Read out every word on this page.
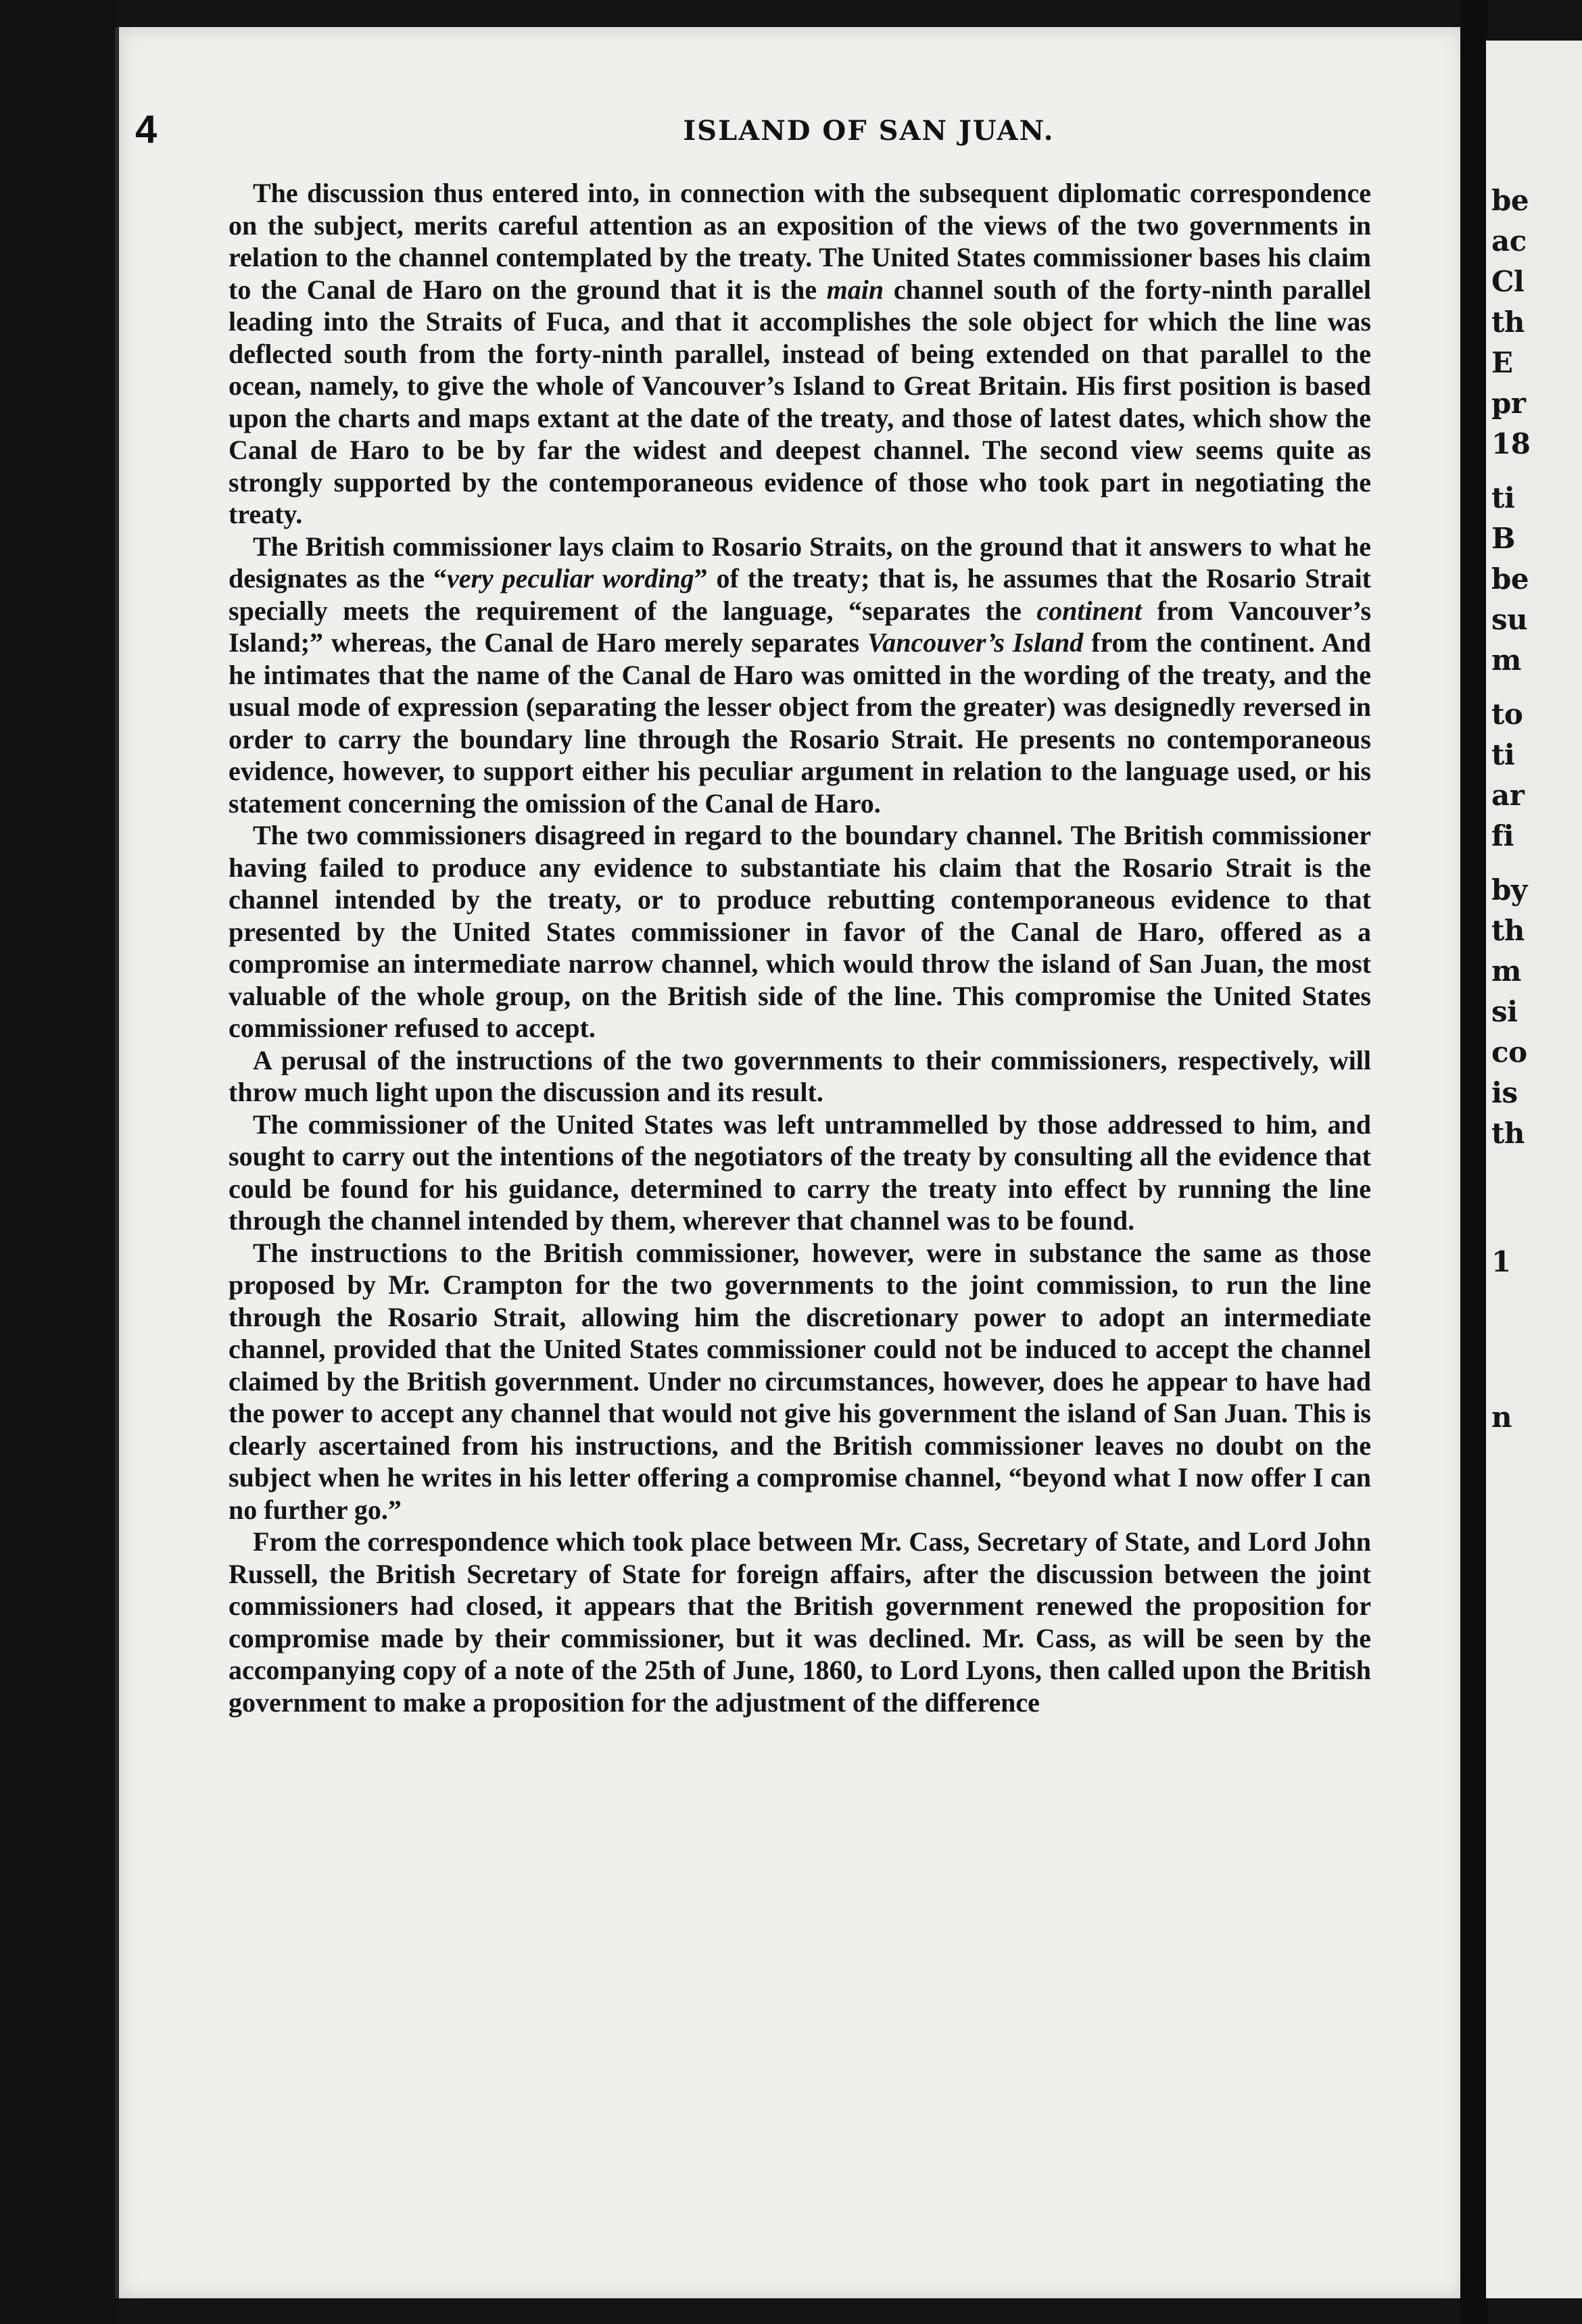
4	ISLAND OF SAN JUAN.

The discussion thus entered into, in connection with the subsequent diplomatic correspondence on the subject, merits careful attention as an exposition of the views of the two governments in relation to the channel contemplated by the treaty. The United States commissioner bases his claim to the Canal de Haro on the ground that it is the main channel south of the forty-ninth parallel leading into the Straits of Fuca, and that it accomplishes the sole object for which the line was deflected south from the forty-ninth parallel, instead of being extended on that parallel to the ocean, namely, to give the whole of Vancouver’s Island to Great Britain. His first position is based upon the charts and maps extant at the date of the treaty, and those of latest dates, which show the Canal de Haro to be by far the widest and deepest channel. The second view seems quite as strongly supported by the contemporaneous evidence of those who took part in negotiating the treaty.

The British commissioner lays claim to Rosario Straits, on the ground that it answers to what he designates as the “very peculiar wording” of the treaty; that is, he assumes that the Rosario Strait specially meets the requirement of the language, “separates the continent from Vancouver’s Island;” whereas, the Canal de Haro merely separates Vancouver’s Island from the continent. And he intimates that the name of the Canal de Haro was omitted in the wording of the treaty, and the usual mode of expression (separating the lesser object from the greater) was designedly reversed in order to carry the boundary line through the Rosario Strait. He presents no contemporaneous evidence, however, to support either his peculiar argument in relation to the language used, or his statement concerning the omission of the Canal de Haro.

The two commissioners disagreed in regard to the boundary channel. The British commissioner having failed to produce any evidence to substantiate his claim that the Rosario Strait is the channel intended by the treaty, or to produce rebutting contemporaneous evidence to that presented by the United States commissioner in favor of the Canal de Haro, offered as a compromise an intermediate narrow channel, which would throw the island of San Juan, the most valuable of the whole group, on the British side of the line. This compromise the United States commissioner refused to accept.

A perusal of the instructions of the two governments to their commissioners, respectively, will throw much light upon the discussion and its result.

The commissioner of the United States was left untrammelled by those addressed to him, and sought to carry out the intentions of the negotiators of the treaty by consulting all the evidence that could be found for his guidance, determined to carry the treaty into effect by running the line through the channel intended by them, wherever that channel was to be found.

The instructions to the British commissioner, however, were in substance the same as those proposed by Mr. Crampton for the two governments to the joint commission, to run the line through the Rosario Strait, allowing him the discretionary power to adopt an intermediate channel, provided that the United States commissioner could not be induced to accept the channel claimed by the British government. Under no circumstances, however, does he appear to have had the power to accept any channel that would not give his government the island of San Juan. This is clearly ascertained from his instructions, and the British commissioner leaves no doubt on the subject when he writes in his letter offering a compromise channel, “beyond what I now offer I can no further go.”

From the correspondence which took place between Mr. Cass, Secretary of State, and Lord John Russell, the British Secretary of State for foreign affairs, after the discussion between the joint commissioners had closed, it appears that the British government renewed the proposition for compromise made by their commissioner, but it was declined. Mr. Cass, as will be seen by the accompanying copy of a note of the 25th of June, 1860, to Lord Lyons, then called upon the British government to make a proposition for the adjustment of the difference

be
ac
Cl
th
E
pr
18
ti
B
be
su
m
to
ti
ar
fi
by
th
m
si
co
is
th
1
n
